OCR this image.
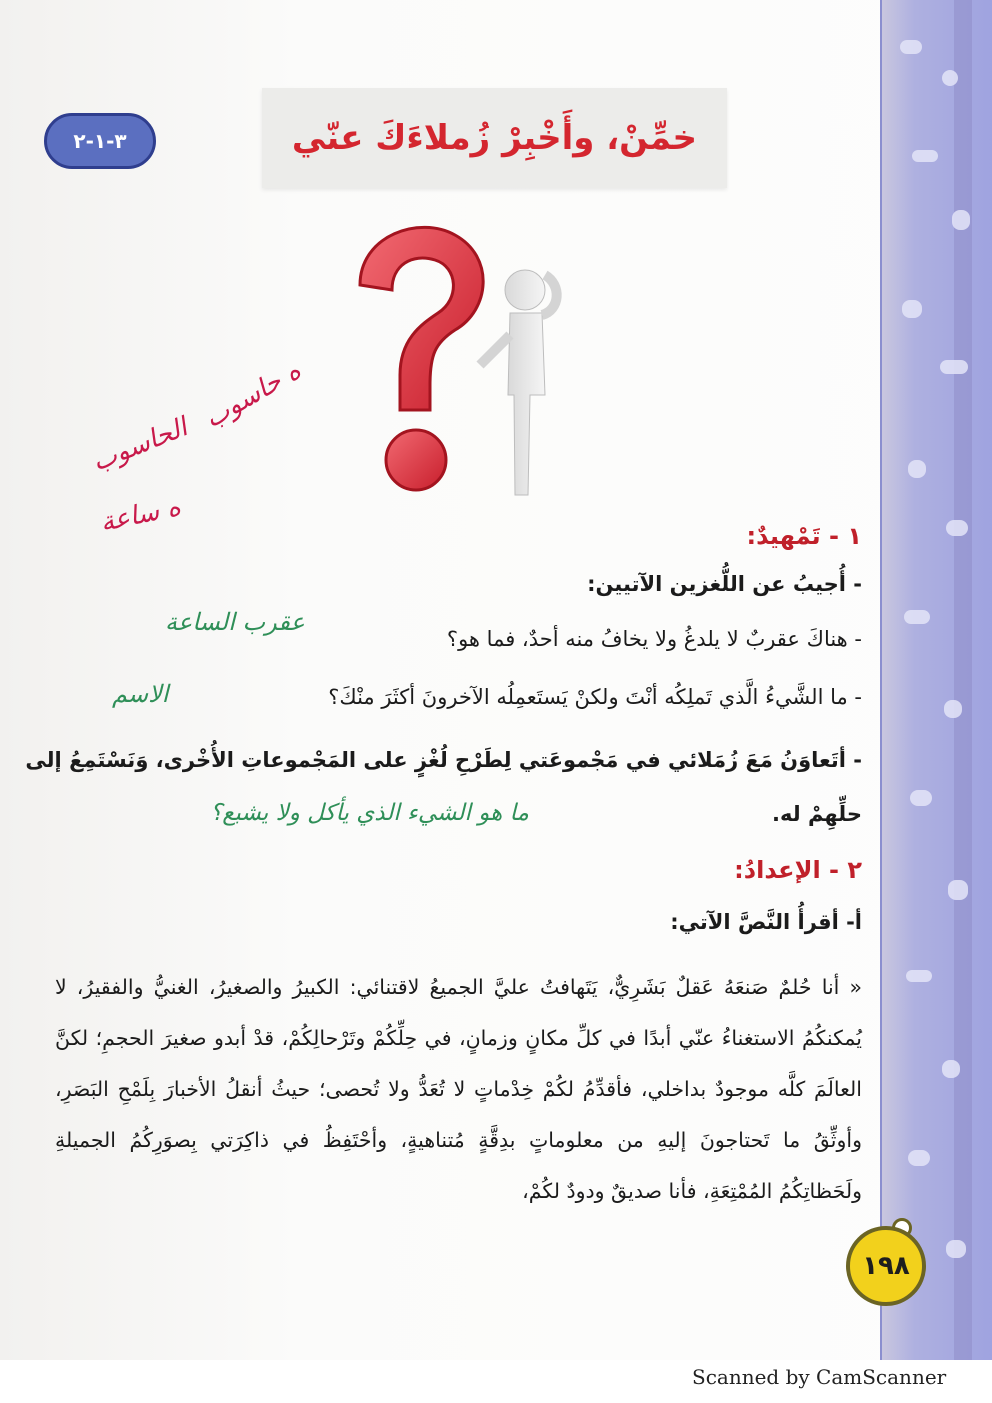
٣-١-٢	خمِّنْ، وأَخْبِرْ زُملاءَكَ عنّي
الحاسوب
ه حاسوب
ه ساعة	١ - تَمْهيدٌ:
- أُجيبُ عن اللُّغزين الآتيين:
- هناكَ عقربٌ لا يلدغُ ولا يخافُ منه أحدٌ، فما هو؟
عقرب الساعة
- ما الشَّيءُ الَّذي تَملِكُه أنْتَ ولكنْ يَستَعمِلُه الآخرونَ أكثَرَ منْكَ؟
الاسم
- أتَعاوَنُ مَعَ زُمَلائي في مَجْموعَتي لِطَرْحِ لُغْزٍ على المَجْموعاتِ الأُخْرى، وَنَسْتَمِعُ إلى
حلِّهِمْ له.
ما هو الشيء الذي يأكل ولا يشبع؟
٢ - الإعدادُ:
أ- أقرأُ النَّصَّ الآتي:
« أنا حُلمٌ صَنعَهُ عَقلٌ بَشَرِيٌّ، يَتَهافتُ عليَّ الجميعُ لاقتنائي: الكبيرُ والصغيرُ، الغنيُّ والفقيرُ، لا يُمكنكُمُ الاستغناءُ عنّي أبدًا في كلِّ مكانٍ وزمانٍ، في حِلِّكُمْ وتَرْحالِكُمْ، قدْ أبدو صغيرَ الحجمِ؛ لكنَّ العالَمَ كلَّه موجودٌ بداخلي، فأقدِّمُ لكُمْ خِدْماتٍ لا تُعَدُّ ولا تُحصى؛ حيثُ أنقلُ الأخبارَ بِلَمْحِ البَصَرِ، وأوثِّقُ ما تَحتاجونَ إليهِ من معلوماتٍ بدِقَّةٍ مُتناهيةٍ، وأحْتَفِظُ في ذاكِرَتي بِصوَرِكُمُ الجميلةِ ولَحَظاتِكُمُ المُمْتِعَةِ، فأنا صديقٌ ودودٌ لكُمْ،
١٩٨
Scanned by CamScanner
